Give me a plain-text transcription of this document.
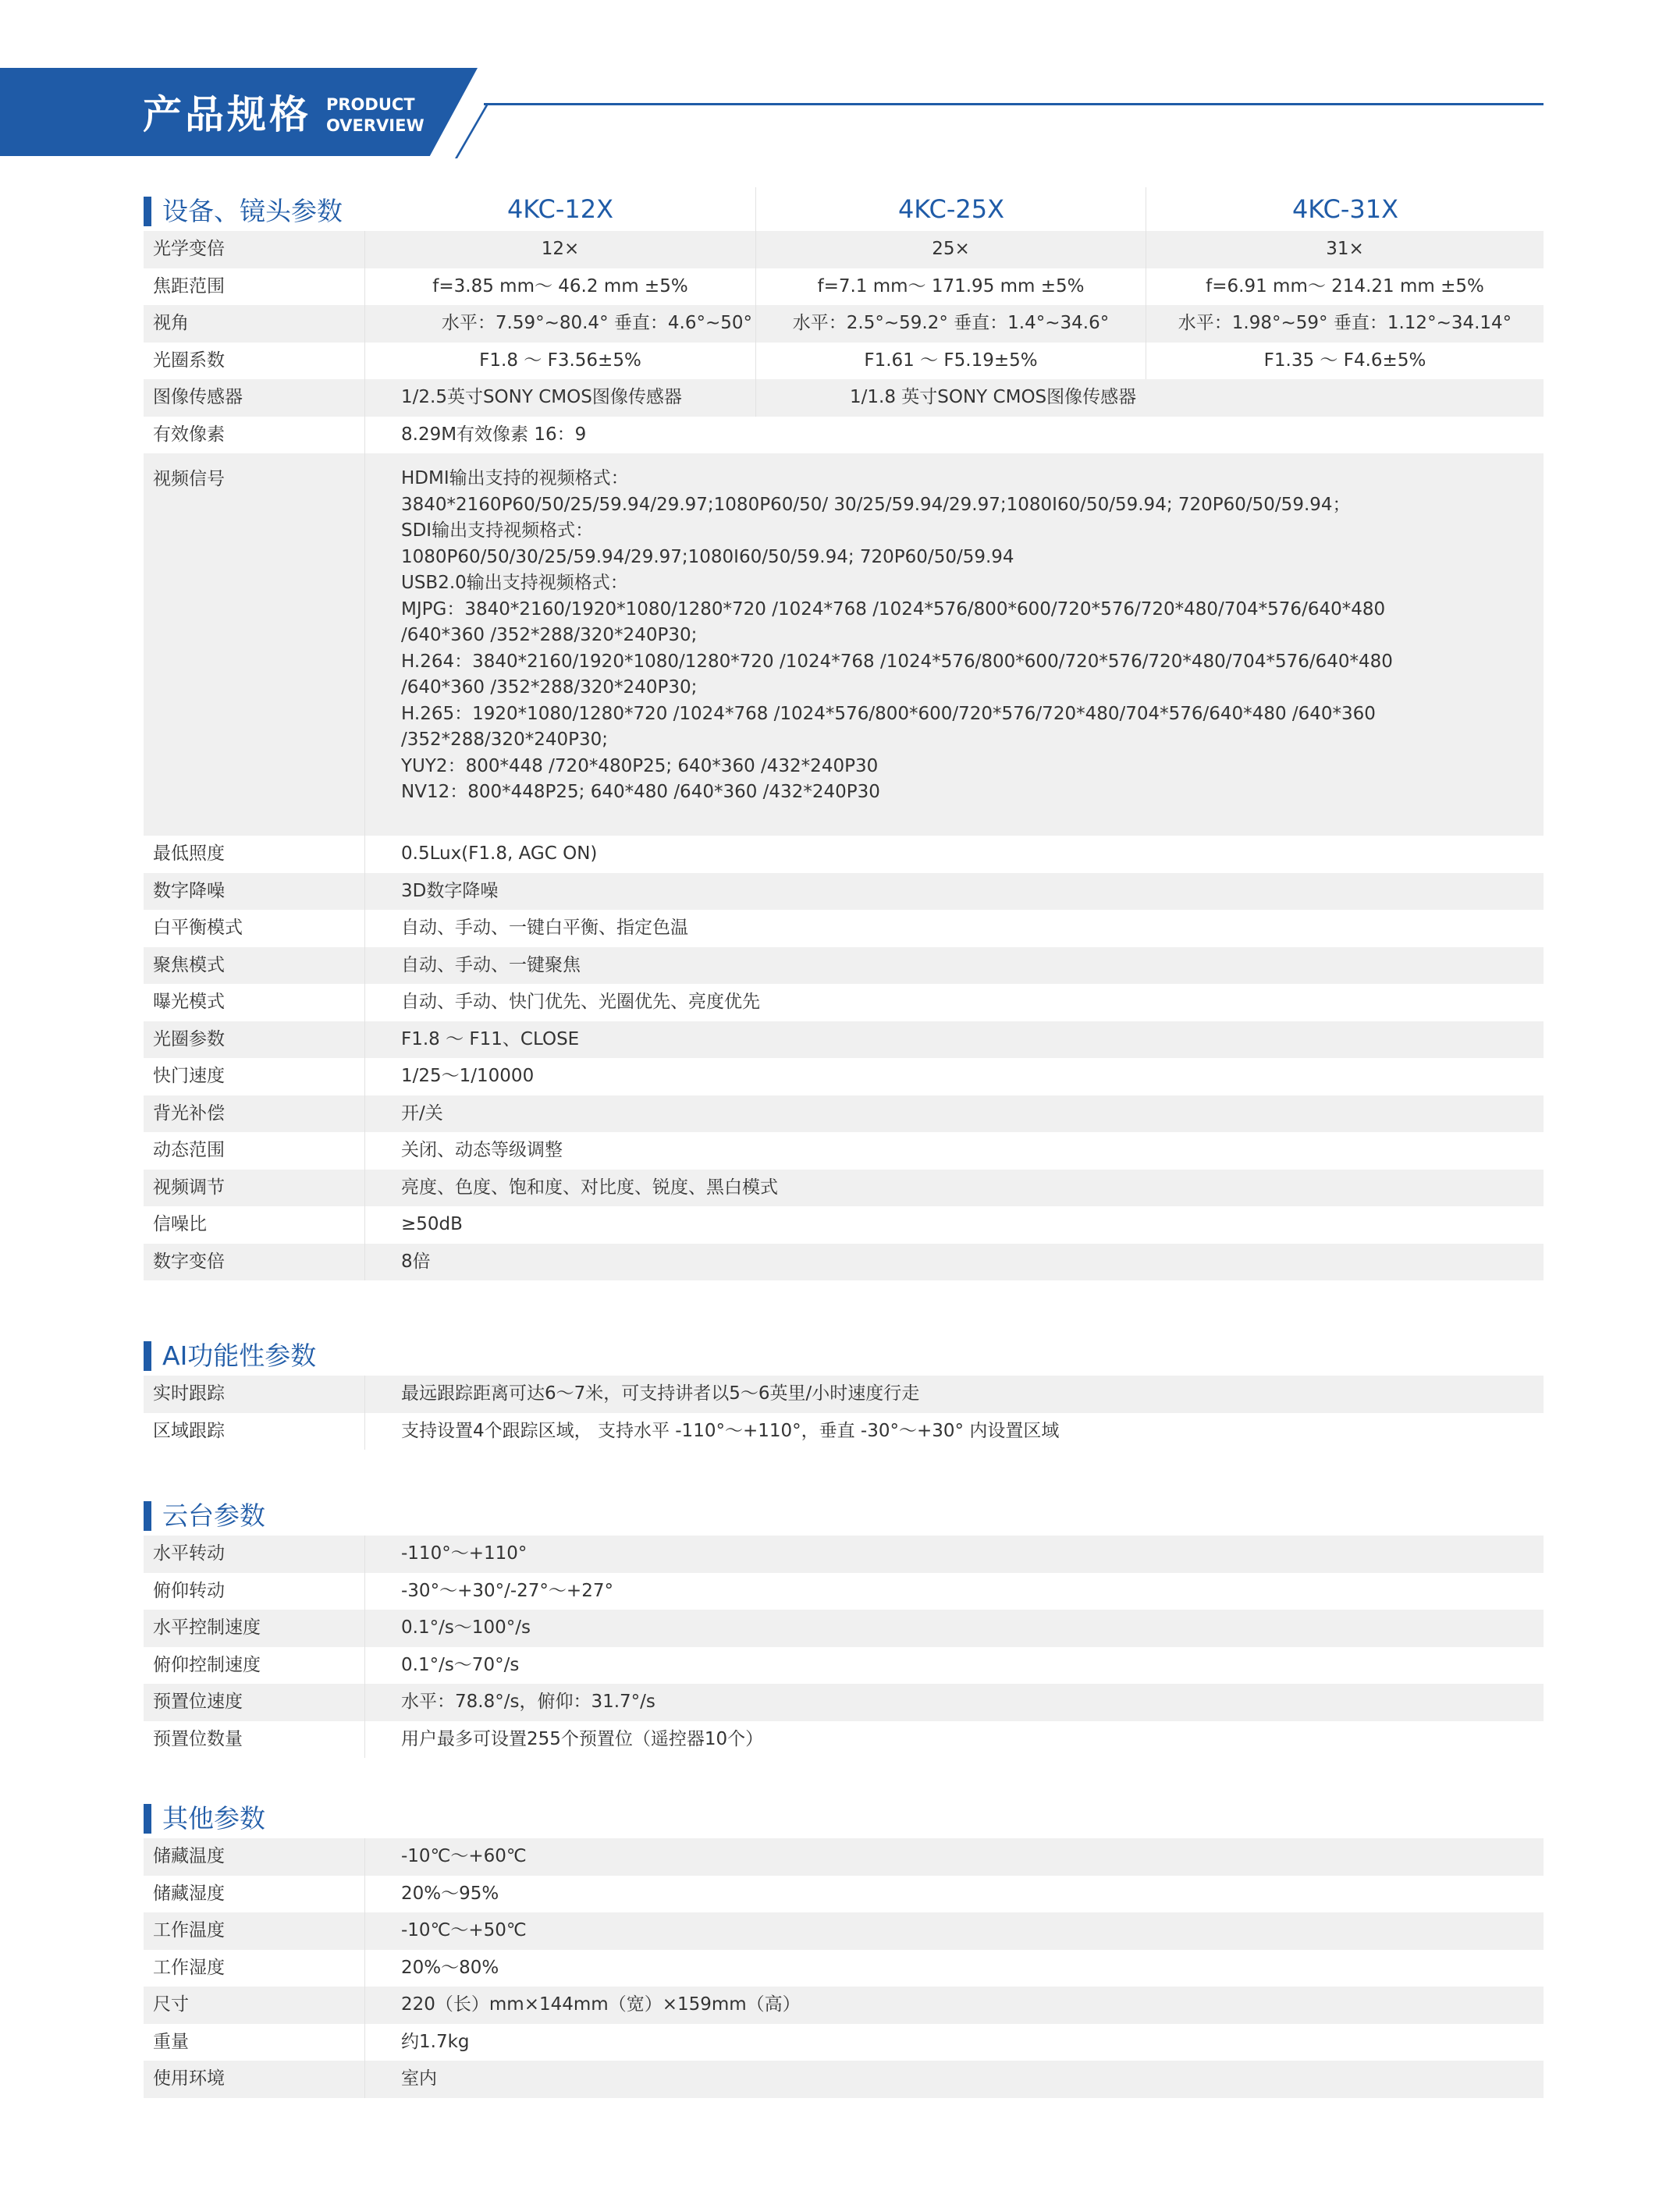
产品规格 PRODUCT
OVERVIEW
设备、镜头参数	4KC-12X	4KC-25X	4KC-31X
光学变倍	12×	25×	31×
焦距范围	f=3.85 mm～ 46.2 mm ±5%	f=7.1 mm～ 171.95 mm ±5%	f=6.91 mm～ 214.21 mm ±5%
视角	水平：7.59°~80.4° 垂直：4.6°~50°	水平：2.5°~59.2° 垂直：1.4°~34.6°	水平：1.98°~59° 垂直：1.12°~34.14°
光圈系数	F1.8 ～ F3.56±5%	F1.61 ～ F5.19±5%	F1.35 ～ F4.6±5%
图像传感器	1/2.5英寸SONY CMOS图像传感器	1/1.8 英寸SONY CMOS图像传感器
有效像素	8.29M有效像素 16：9
视频信号	HDMI输出支持的视频格式：
3840*2160P60/50/25/59.94/29.97;1080P60/50/ 30/25/59.94/29.97;1080I60/50/59.94; 720P60/50/59.94；
SDI输出支持视频格式：
1080P60/50/30/25/59.94/29.97;1080I60/50/59.94; 720P60/50/59.94
USB2.0输出支持视频格式：
MJPG：3840*2160/1920*1080/1280*720 /1024*768 /1024*576/800*600/720*576/720*480/704*576/640*480
/640*360 /352*288/320*240P30;
H.264：3840*2160/1920*1080/1280*720 /1024*768 /1024*576/800*600/720*576/720*480/704*576/640*480
/640*360 /352*288/320*240P30;
H.265：1920*1080/1280*720 /1024*768 /1024*576/800*600/720*576/720*480/704*576/640*480 /640*360
/352*288/320*240P30;
YUY2：800*448 /720*480P25; 640*360 /432*240P30
NV12：800*448P25; 640*480 /640*360 /432*240P30
最低照度	0.5Lux(F1.8, AGC ON)
数字降噪	3D数字降噪
白平衡模式	自动、手动、一键白平衡、指定色温
聚焦模式	自动、手动、一键聚焦
曝光模式	自动、手动、快门优先、光圈优先、亮度优先
光圈参数	F1.8 ～ F11、CLOSE
快门速度	1/25～1/10000
背光补偿	开/关
动态范围	关闭、动态等级调整
视频调节	亮度、色度、饱和度、对比度、锐度、黑白模式
信噪比	≥50dB
数字变倍	8倍
AI功能性参数
实时跟踪	最远跟踪距离可达6～7米，可支持讲者以5～6英里/小时速度行走
区域跟踪	支持设置4个跟踪区域， 支持水平 -110°～+110°，垂直 -30°～+30° 内设置区域
云台参数
水平转动	-110°～+110°
俯仰转动	-30°～+30°/-27°～+27°
水平控制速度	0.1°/s～100°/s
俯仰控制速度	0.1°/s～70°/s
预置位速度	水平：78.8°/s，俯仰：31.7°/s
预置位数量	用户最多可设置255个预置位（遥控器10个）
其他参数
储藏温度	-10℃～+60℃
储藏湿度	20%～95%
工作温度	-10℃～+50℃
工作湿度	20%～80%
尺寸	220（长）mm×144mm（宽）×159mm（高）
重量	约1.7kg
使用环境	室内
